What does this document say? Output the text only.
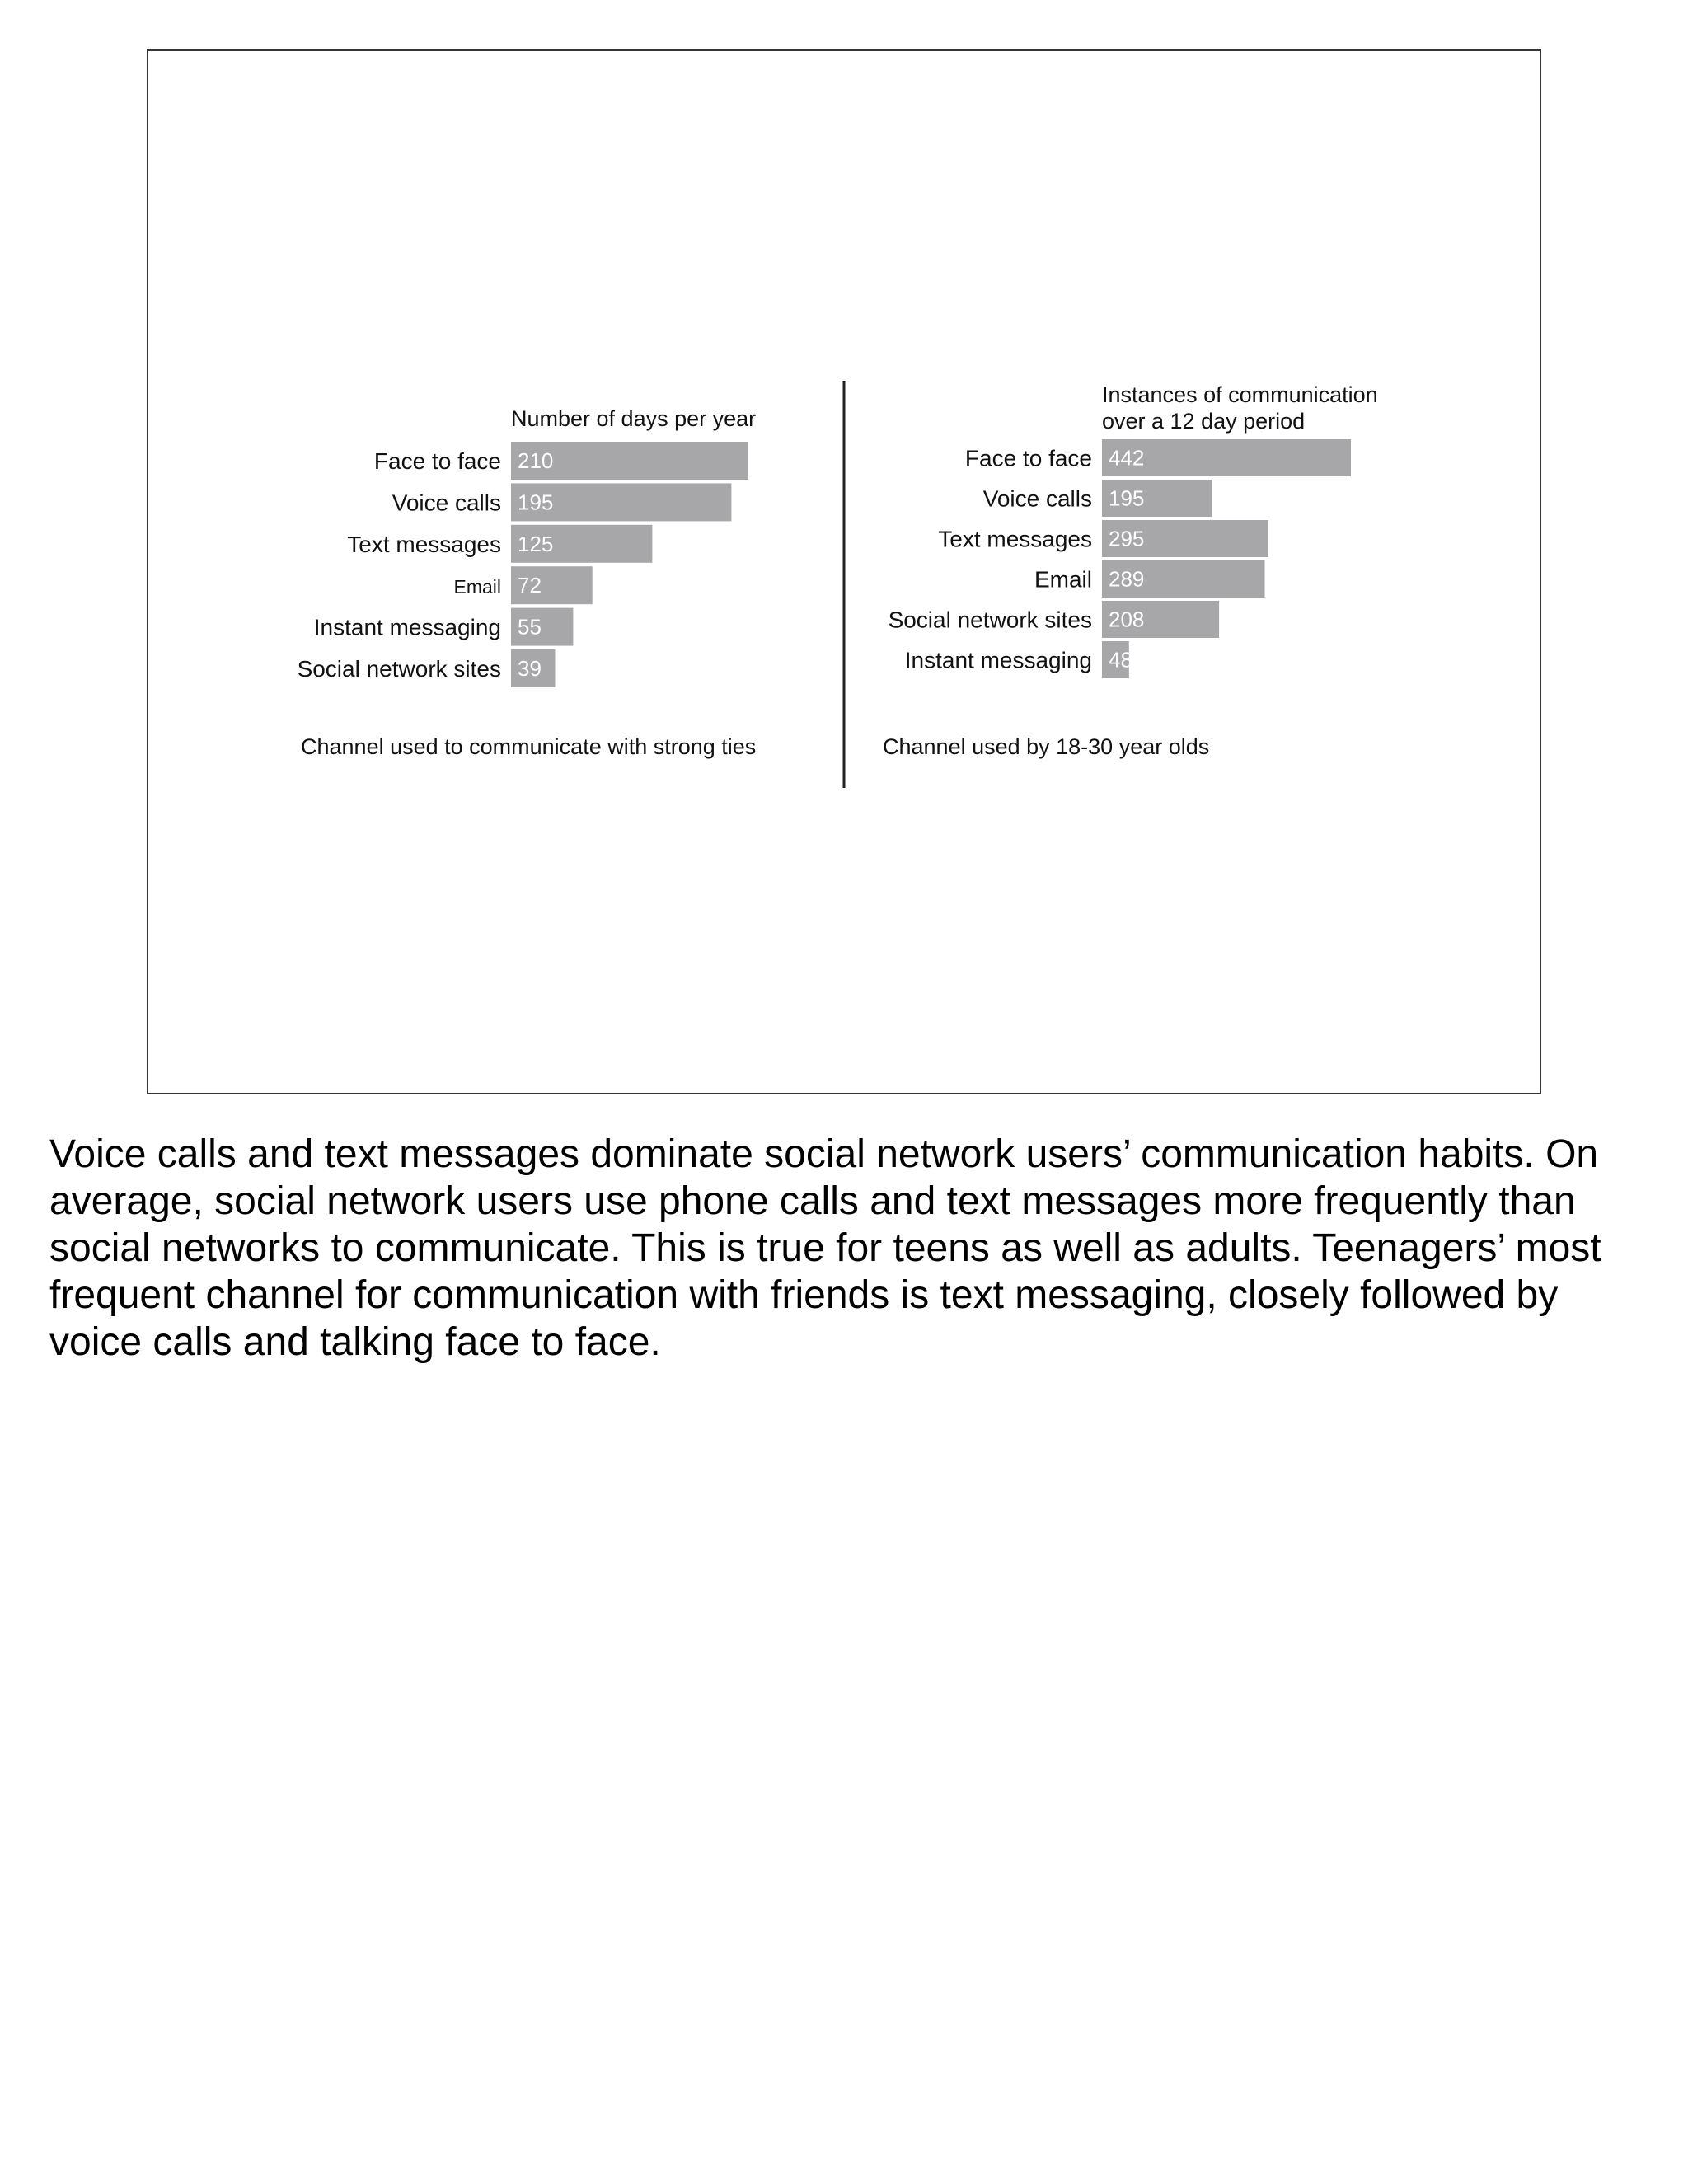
Number of days per year
210
Face to face
195
Voice calls
125
Text messages
72
Email
55
Instant messaging
39
Social network sites
Channel used to communicate with strong ties
Instances of communication over a 12 day period
442
Face to face
195
Voice calls
295
Text messages
289
Email
208
Social network sites
48
Instant messaging
Channel used by 18-30 year olds

Voice calls and text messages dominate social network users’ communication habits. On average, social network users use phone calls and text messages more frequently than social networks to communicate. This is true for teens as well as adults. Teenagers’ most frequent channel for communication with friends is text messaging, closely followed by voice calls and talking face to face.
